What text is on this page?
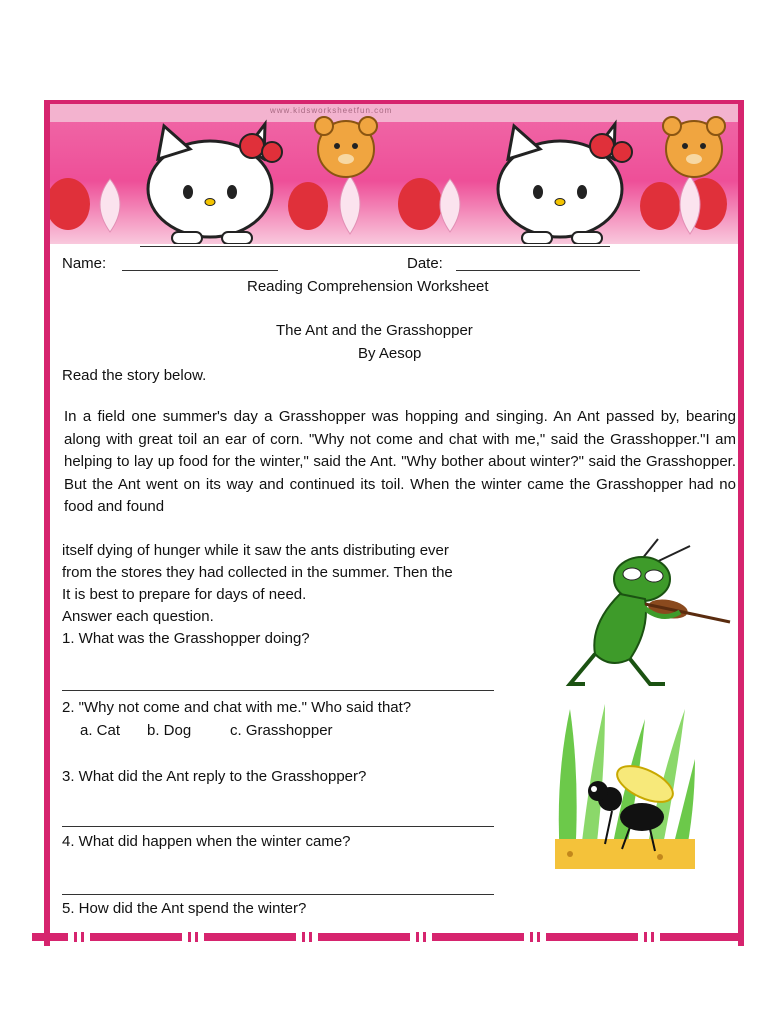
www.kidsworksheetfun.com
Name:	Date:
Reading Comprehension Worksheet
The Ant and the Grasshopper
By Aesop
Read the story below.
In a field one summer's day a Grasshopper was hopping and singing. An Ant passed by, bearing along with great toil an ear of corn. "Why not come and chat with me," said the Grasshopper."I am helping to lay up food for the winter," said the Ant. "Why bother about winter?" said the Grasshopper. But the Ant went on its way and continued its toil. When the winter came the Grasshopper had no food and found
itself dying of hunger while it saw the ants distributing ever
from the stores they had collected in the summer. Then the
It is best to prepare for days of need.
Answer each question.
1. What was the Grasshopper doing?
2. "Why not come and chat with me." Who said that?
a. Cat b. Dog	c. Grasshopper
3. What did the Ant reply to the Grasshopper?
4. What did happen when the winter came?
5. How did the Ant spend the winter?
